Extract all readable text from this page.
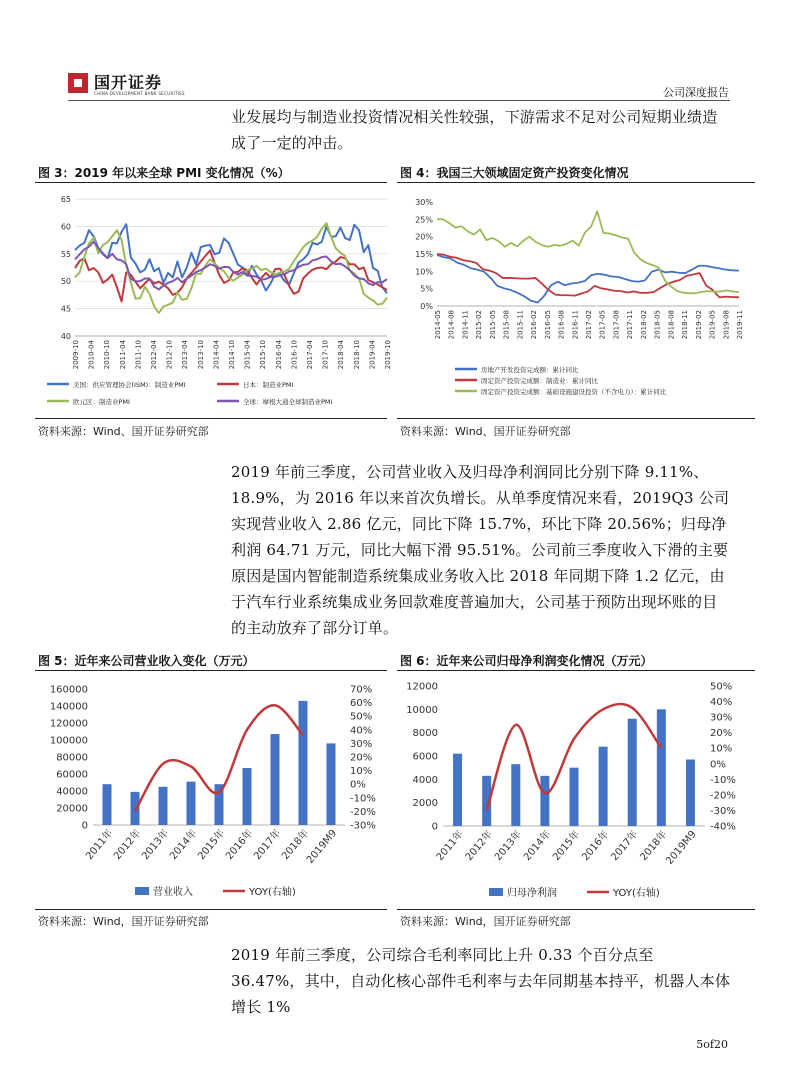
国开证券
CHINA DEVELOPMENT BANK SECURITIES	公司深度报告

业发展均与制造业投资情况相关性较强，下游需求不足对公司短期业绩造成了一定的冲击。

图 3：2019 年以来全球 PMI 变化情况（%）	图 4：我国三大领域固定资产投资变化情况
40
45
50
55
60
65
2009-10 2010-04 2010-10 2011-04 2011-10 2012-04 2012-10 2013-04 2013-10 2014-04 2014-10 2015-04 2015-10 2016-04 2016-10 2017-04 2017-10 2018-04 2018-10 2019-04 2019-10
美国：供应管理协会(ISM)：制造业PMI	日本：制造业PMI
欧元区：制造业PMI	全球：摩根大通全球制造业PMI
0%
5%
10%
15%
20%
25%
30%
2014-05 2014-08 2014-11 2015-02 2015-05 2015-08 2015-11 2016-02 2016-05 2016-08 2016-11 2017-02 2017-05 2017-08 2017-11 2018-02 2018-05 2018-08 2018-11 2019-02 2019-05 2019-08 2019-11
房地产开发投资完成额：累计同比
固定资产投资完成额：制造业：累计同比
固定资产投资完成额：基础设施建设投资（不含电力）：累计同比
资料来源：Wind、国开证券研究部	资料来源：Wind、国开证券研究部

2019 年前三季度，公司营业收入及归母净利润同比分别下降 9.11%、18.9%，为 2016 年以来首次负增长。从单季度情况来看，2019Q3 公司实现营业收入 2.86 亿元，同比下降 15.7%，环比下降 20.56%；归母净利润 64.71 万元，同比大幅下滑 95.51%。公司前三季度收入下滑的主要原因是国内智能制造系统集成业务收入比 2018 年同期下降 1.2 亿元，由于汽车行业系统集成业务回款难度普遍加大，公司基于预防出现坏账的目的主动放弃了部分订单。

图 5：近年来公司营业收入变化（万元）	图 6：近年来公司归母净利润变化情况（万元）
0
20000
40000
60000
80000
100000
120000
140000
160000
-30%
-20%
-10%
0%
10%
20%
30%
40%
50%
60%
70%
2011年
2012年
2013年
2014年
2015年
2016年
2017年
2018年
2019M9
营业收入	YOY(右轴)
0
2000
4000
6000
8000
10000
12000
-40%
-30%
-20%
-10%
0%
10%
20%
30%
40%
50%
2011年
2012年
2013年
2014年
2015年
2016年
2017年
2018年
2019M9
归母净利润	YOY(右轴)
资料来源：Wind，国开证券研究部	资料来源：Wind，国开证券研究部

2019 年前三季度，公司综合毛利率同比上升 0.33 个百分点至 36.47%，其中，自动化核心部件毛利率与去年同期基本持平，机器人本体增长 1%

5of20
